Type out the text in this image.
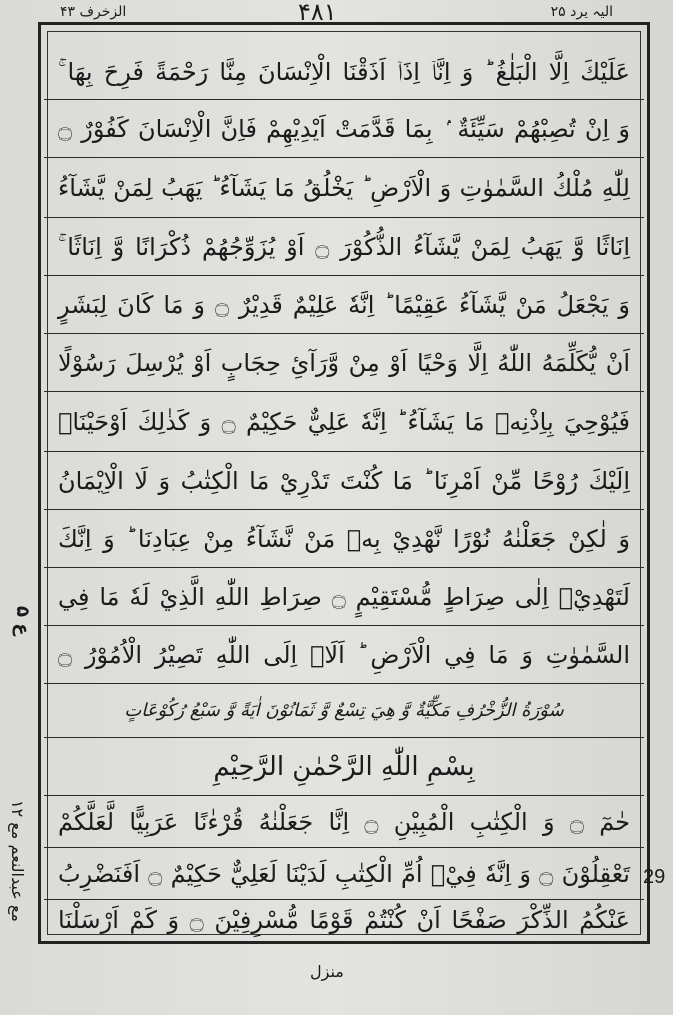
الزخرف ۴۳	۴۸۱	الیہ یرد ۲۵
عَلَيْكَ اِلَّا الْبَلٰغُ ؕ وَ اِنَّاۤ اِذَاۤ اَذَقْنَا الْاِنْسَانَ مِنَّا رَحْمَةً فَرِحَ بِهَا ۚ
وَ اِنْ تُصِبْهُمْ سَيِّئَةٌ ۢ بِمَا قَدَّمَتْ اَيْدِيْهِمْ فَاِنَّ الْاِنْسَانَ كَفُوْرٌ ۝
لِلّٰهِ مُلْكُ السَّمٰوٰتِ وَ الْاَرْضِ ؕ يَخْلُقُ مَا يَشَآءُ ؕ يَهَبُ لِمَنْ يَّشَآءُ
اِنَاثًا وَّ يَهَبُ لِمَنْ يَّشَآءُ الذُّكُوْرَ ۝ اَوْ يُزَوِّجُهُمْ ذُكْرَانًا وَّ اِنَاثًا ۚ
وَ يَجْعَلُ مَنْ يَّشَآءُ عَقِيْمًا ؕ اِنَّهٗ عَلِيْمٌ قَدِيْرٌ ۝ وَ مَا كَانَ لِبَشَرٍ
اَنْ يُّكَلِّمَهُ اللّٰهُ اِلَّا وَحْيًا اَوْ مِنْ وَّرَآئِ حِجَابٍ اَوْ يُرْسِلَ رَسُوْلًا
فَيُوْحِيَ بِاِذْنِهٖ مَا يَشَآءُ ؕ اِنَّهٗ عَلِيٌّ حَكِيْمٌ ۝ وَ كَذٰلِكَ اَوْحَيْنَاۤ
اِلَيْكَ رُوْحًا مِّنْ اَمْرِنَا ؕ مَا كُنْتَ تَدْرِيْ مَا الْكِتٰبُ وَ لَا الْاِيْمَانُ
وَ لٰكِنْ جَعَلْنٰهُ نُوْرًا نَّهْدِيْ بِهٖ مَنْ نَّشَآءُ مِنْ عِبَادِنَا ؕ وَ اِنَّكَ
لَتَهْدِيْۤ اِلٰى صِرَاطٍ مُّسْتَقِيْمٍ ۝ صِرَاطِ اللّٰهِ الَّذِيْ لَهٗ مَا فِي
السَّمٰوٰتِ وَ مَا فِي الْاَرْضِ ؕ اَلَاۤ اِلَى اللّٰهِ تَصِيْرُ الْاُمُوْرُ ۝
سُوْرَةُ الزُّخْرُفِ مَكِّيَّةٌ وَّ هِيَ تِسْعٌ وَّ ثَمَانُوْنَ اٰيَةً وَّ سَبْعُ رُكُوْعَاتٍ
بِسْمِ اللّٰهِ الرَّحْمٰنِ الرَّحِيْمِ
حٰمٓ ۝ وَ الْكِتٰبِ الْمُبِيْنِ ۝ اِنَّا جَعَلْنٰهُ قُرْءٰنًا عَرَبِيًّا لَّعَلَّكُمْ
تَعْقِلُوْنَ ۝ وَ اِنَّهٗ فِيْۤ اُمِّ الْكِتٰبِ لَدَيْنَا لَعَلِيٌّ حَكِيْمٌ ۝ اَفَنَضْرِبُ
عَنْكُمُ الذِّكْرَ صَفْحًا اَنْ كُنْتُمْ قَوْمًا مُّسْرِفِيْنَ ۝ وَ كَمْ اَرْسَلْنَا
ع ۵
مع عبدالنعم مع ۱۲	29
منزل
